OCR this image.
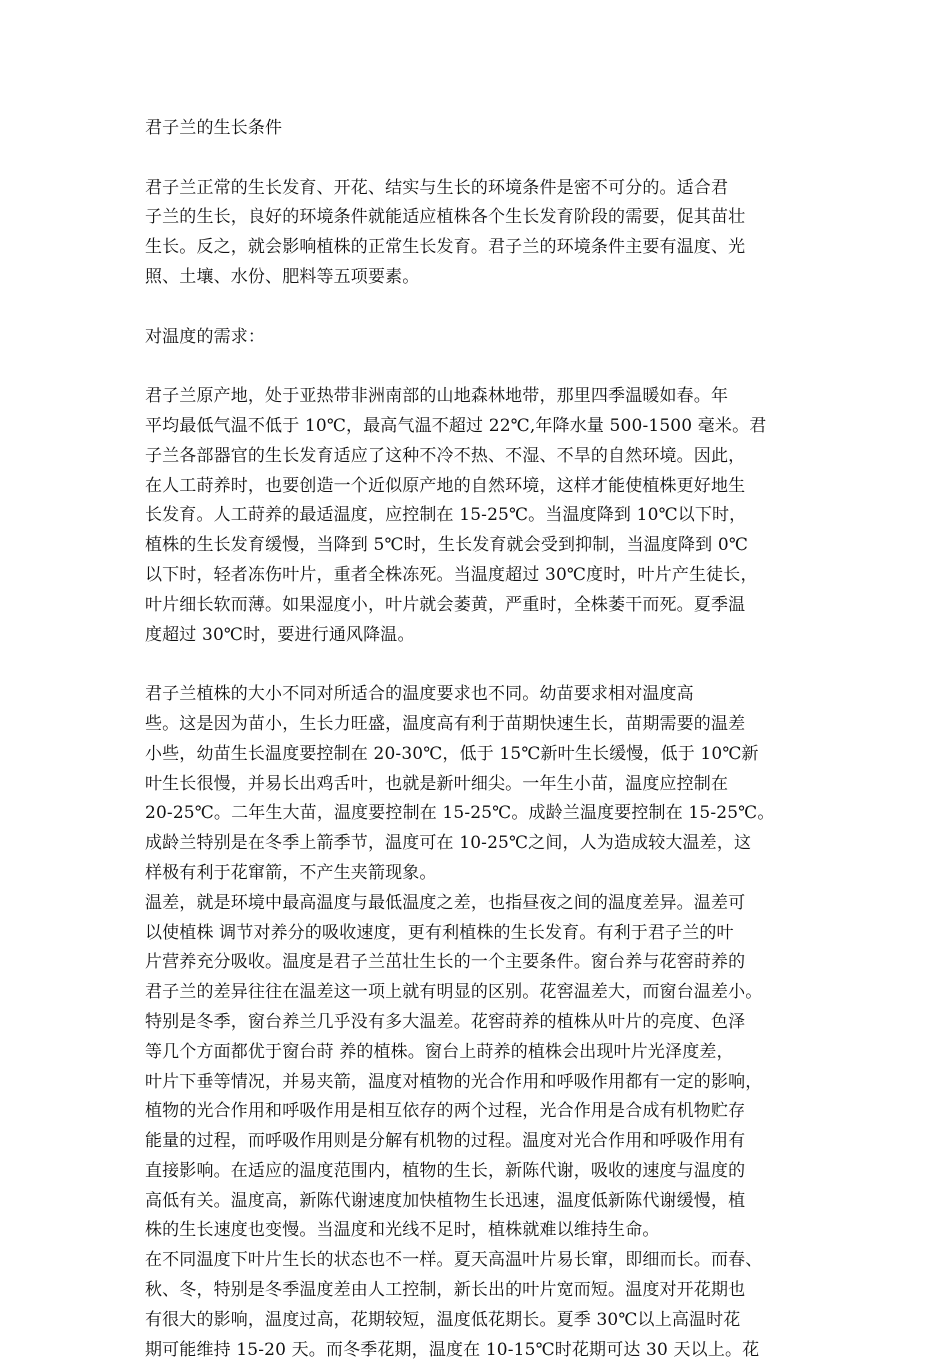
君子兰的生长条件
君子兰正常的生长发育、开花、结实与生长的环境条件是密不可分的。适合君
子兰的生长，良好的环境条件就能适应植株各个生长发育阶段的需要，促其苗壮
生长。反之，就会影响植株的正常生长发育。君子兰的环境条件主要有温度、光
照、土壤、水份、肥料等五项要素。
对温度的需求：
君子兰原产地，处于亚热带非洲南部的山地森林地带，那里四季温暖如春。年
平均最低气温不低于 10℃，最高气温不超过 22℃,年降水量 500-1500 毫米。君
子兰各部器官的生长发育适应了这种不冷不热、不湿、不旱的自然环境。因此，
在人工莳养时，也要创造一个近似原产地的自然环境，这样才能使植株更好地生
长发育。人工莳养的最适温度，应控制在 15-25℃。当温度降到 10℃以下时，
植株的生长发育缓慢，当降到 5℃时，生长发育就会受到抑制，当温度降到 0℃
以下时，轻者冻伤叶片，重者全株冻死。当温度超过 30℃度时，叶片产生徒长，
叶片细长软而薄。如果湿度小，叶片就会萎黄，严重时，全株萎干而死。夏季温
度超过 30℃时，要进行通风降温。
君子兰植株的大小不同对所适合的温度要求也不同。幼苗要求相对温度高
些。这是因为苗小，生长力旺盛，温度高有利于苗期快速生长，苗期需要的温差
小些，幼苗生长温度要控制在 20-30℃，低于 15℃新叶生长缓慢，低于 10℃新
叶生长很慢，并易长出鸡舌叶，也就是新叶细尖。一年生小苗，温度应控制在
20-25℃。二年生大苗，温度要控制在 15-25℃。成龄兰温度要控制在 15-25℃。
成龄兰特别是在冬季上箭季节，温度可在 10-25℃之间，人为造成较大温差，这
样极有利于花窜箭，不产生夹箭现象。
温差，就是环境中最高温度与最低温度之差，也指昼夜之间的温度差异。温差可
以使植株 调节对养分的吸收速度，更有利植株的生长发育。有利于君子兰的叶
片营养充分吸收。温度是君子兰茁壮生长的一个主要条件。窗台养与花窖莳养的
君子兰的差异往往在温差这一项上就有明显的区别。花窖温差大，而窗台温差小。
特别是冬季，窗台养兰几乎没有多大温差。花窖莳养的植株从叶片的亮度、色泽
等几个方面都优于窗台莳 养的植株。窗台上莳养的植株会出现叶片光泽度差，
叶片下垂等情况，并易夹箭，温度对植物的光合作用和呼吸作用都有一定的影响，
植物的光合作用和呼吸作用是相互依存的两个过程，光合作用是合成有机物贮存
能量的过程，而呼吸作用则是分解有机物的过程。温度对光合作用和呼吸作用有
直接影响。在适应的温度范围内，植物的生长，新陈代谢，吸收的速度与温度的
高低有关。温度高，新陈代谢速度加快植物生长迅速，温度低新陈代谢缓慢，植
株的生长速度也变慢。当温度和光线不足时，植株就难以维持生命。
在不同温度下叶片生长的状态也不一样。夏天高温叶片易长窜，即细而长。而春、
秋、冬，特别是冬季温度差由人工控制，新长出的叶片宽而短。温度对开花期也
有很大的影响，温度过高，花期较短，温度低花期长。夏季 30℃以上高温时花
期可能维持 15-20 天。而冬季花期，温度在 10-15℃时花期可达 30 天以上。花
